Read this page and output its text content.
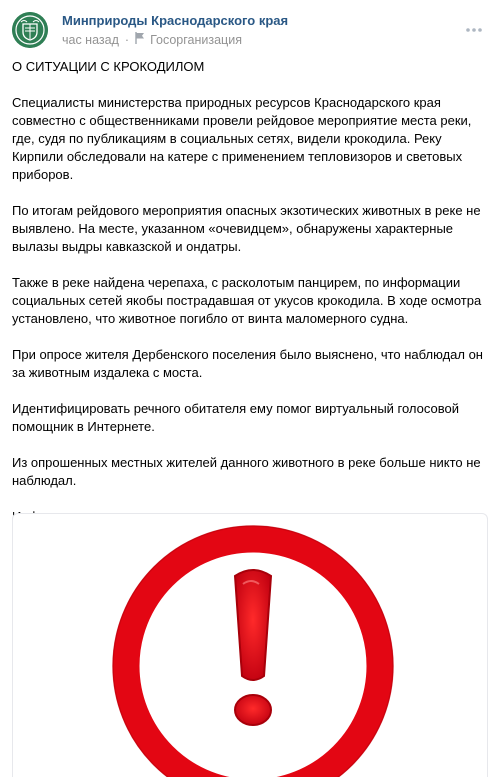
Минприроды Краснодарского края
час назад · Госорганизация

О СИТУАЦИИ С КРОКОДИЛОМ

Специалисты министерства природных ресурсов Краснодарского края совместно с общественниками провели рейдовое мероприятие места реки, где, судя по публикациям в социальных сетях, видели крокодила. Реку Кирпили обследовали на катере с применением тепловизоров и световых приборов.

По итогам рейдового мероприятия опасных экзотических животных в реке не выявлено. На месте, указанном «очевидцем», обнаружены характерные вылазы выдры кавказской и ондатры.

Также в реке найдена черепаха, с расколотым панцирем, по информации социальных сетей якобы пострадавшая от укусов крокодила. В ходе осмотра установлено, что животное погибло от винта маломерного судна.

При опросе жителя Дербенского поселения было выяснено, что наблюдал он за животным издалека с моста.

Идентифицировать речного обитателя ему помог виртуальный голосовой помощник в Интернете.

Из опрошенных местных жителей данного животного в реке больше никто не наблюдал.
